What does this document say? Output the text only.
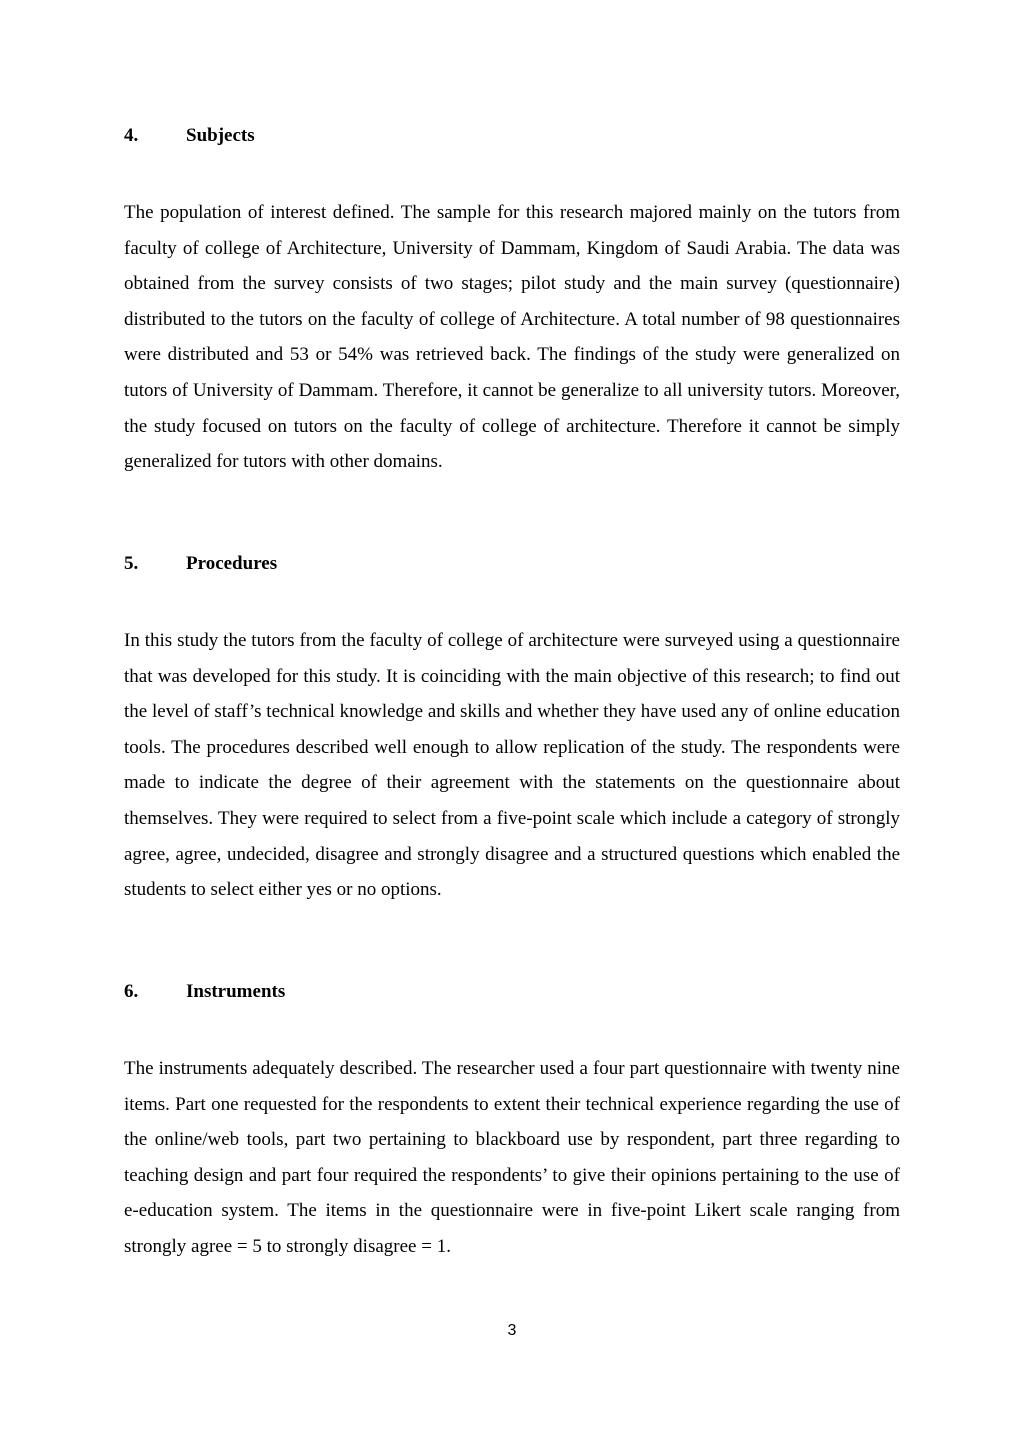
4.	Subjects

The population of interest defined. The sample for this research majored mainly on the tutors from faculty of college of Architecture, University of Dammam, Kingdom of Saudi Arabia. The data was obtained from the survey consists of two stages; pilot study and the main survey (questionnaire) distributed to the tutors on the faculty of college of Architecture. A total number of 98 questionnaires were distributed and 53 or 54% was retrieved back. The findings of the study were generalized on tutors of University of Dammam. Therefore, it cannot be generalize to all university tutors. Moreover, the study focused on tutors on the faculty of college of architecture. Therefore it cannot be simply generalized for tutors with other domains.

5.	Procedures

In this study the tutors from the faculty of college of architecture were surveyed using a questionnaire that was developed for this study. It is coinciding with the main objective of this research; to find out the level of staff’s technical knowledge and skills and whether they have used any of online education tools. The procedures described well enough to allow replication of the study. The respondents were made to indicate the degree of their agreement with the statements on the questionnaire about themselves. They were required to select from a five-point scale which include a category of strongly agree, agree, undecided, disagree and strongly disagree and a structured questions which enabled the students to select either yes or no options.

6.	Instruments

The instruments adequately described. The researcher used a four part questionnaire with twenty nine items. Part one requested for the respondents to extent their technical experience regarding the use of the online/web tools, part two pertaining to blackboard use by respondent, part three regarding to teaching design and part four required the respondents’ to give their opinions pertaining to the use of e-education system. The items in the questionnaire were in five-point Likert scale ranging from strongly agree = 5 to strongly disagree = 1.

3
